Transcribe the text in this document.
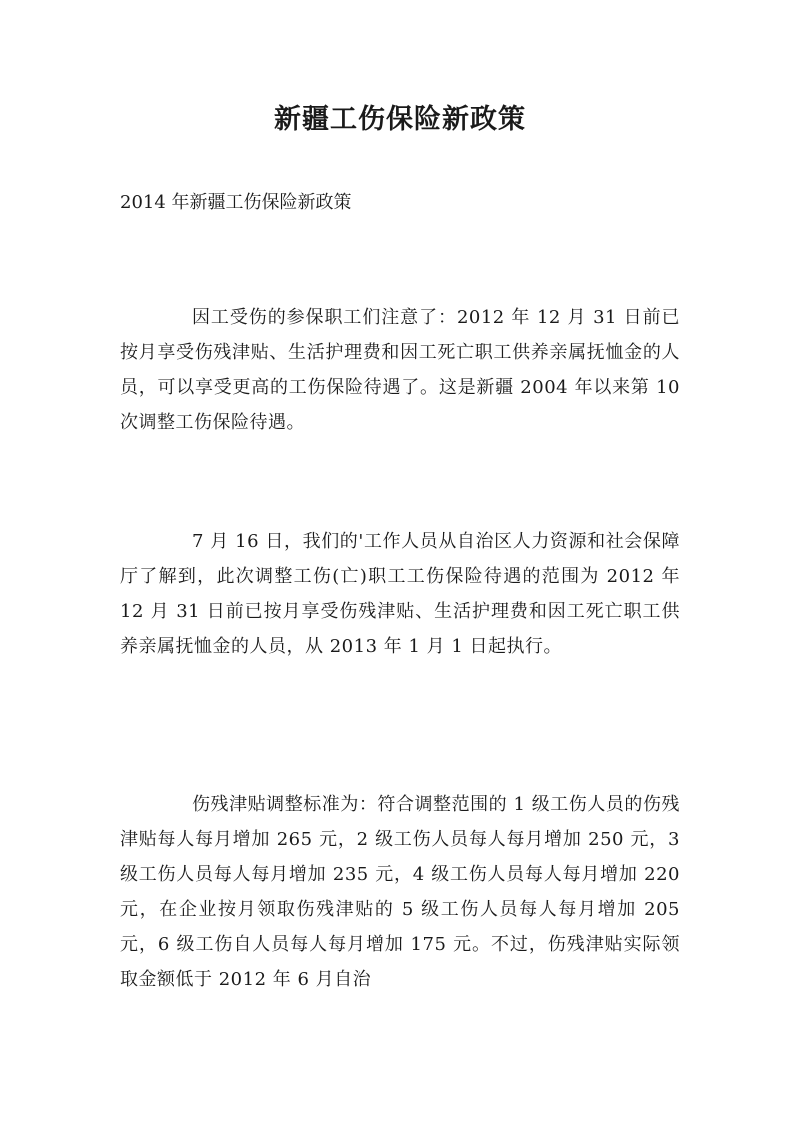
新疆工伤保险新政策

2014 年新疆工伤保险新政策

因工受伤的参保职工们注意了：2012 年 12 月 31 日前已按月享受伤残津贴、生活护理费和因工死亡职工供养亲属抚恤金的人员，可以享受更高的工伤保险待遇了。这是新疆 2004 年以来第 10 次调整工伤保险待遇。

7 月 16 日，我们的'工作人员从自治区人力资源和社会保障厅了解到，此次调整工伤(亡)职工工伤保险待遇的范围为 2012 年 12 月 31 日前已按月享受伤残津贴、生活护理费和因工死亡职工供养亲属抚恤金的人员，从 2013 年 1 月 1 日起执行。

伤残津贴调整标准为：符合调整范围的 1 级工伤人员的伤残津贴每人每月增加 265 元，2 级工伤人员每人每月增加 250 元，3 级工伤人员每人每月增加 235 元，4 级工伤人员每人每月增加 220 元，在企业按月领取伤残津贴的 5 级工伤人员每人每月增加 205 元，6 级工伤自人员每人每月增加 175 元。不过，伤残津贴实际领取金额低于 2012 年 6 月自治
